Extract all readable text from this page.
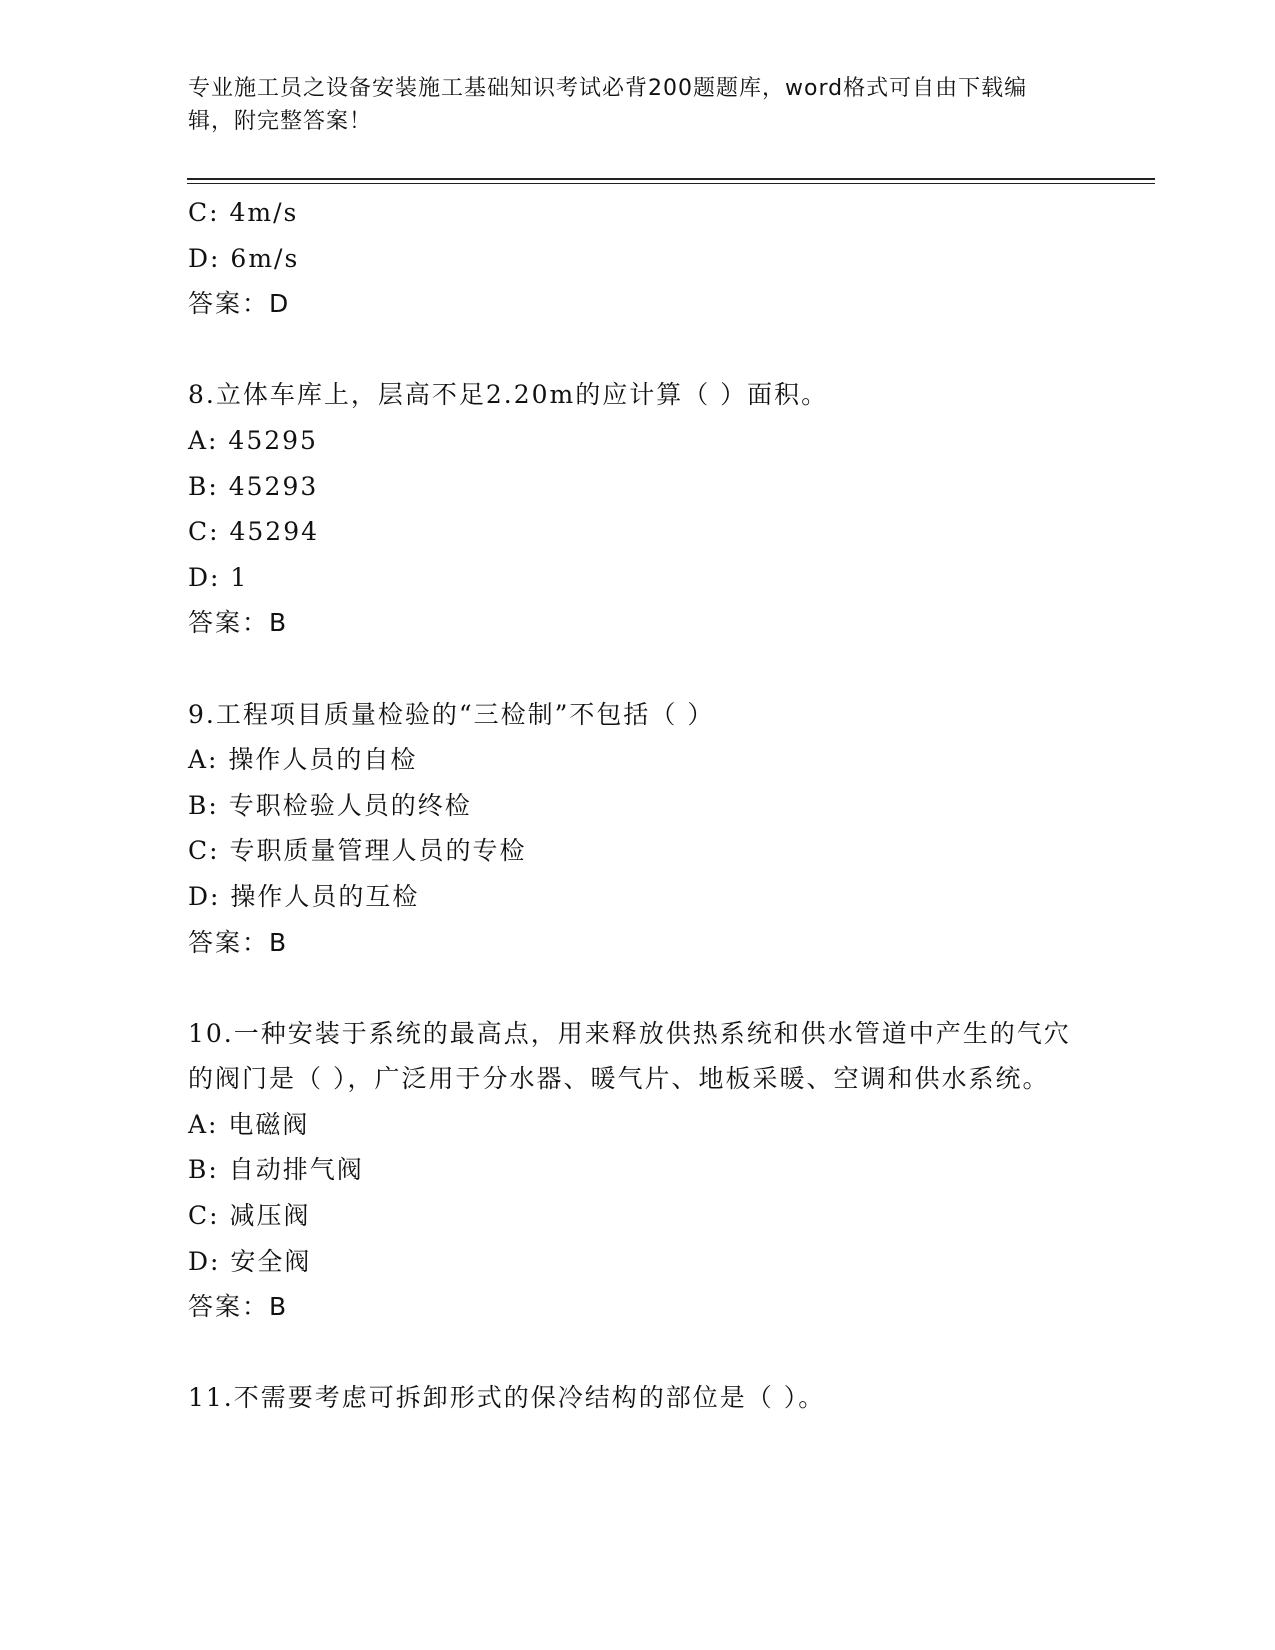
专业施工员之设备安装施工基础知识考试必背200题题库，word格式可自由下载编辑，附完整答案！
C: 4m/s
D: 6m/s
答案：D
8.立体车库上，层高不足2.20m的应计算（ ）面积。
A: 45295
B: 45293
C: 45294
D: 1
答案：B
9.工程项目质量检验的“三检制”不包括（ ）
A: 操作人员的自检
B: 专职检验人员的终检
C: 专职质量管理人员的专检
D: 操作人员的互检
答案：B
10.一种安装于系统的最高点，用来释放供热系统和供水管道中产生的气穴的阀门是（ ），广泛用于分水器、暖气片、地板采暖、空调和供水系统。
A: 电磁阀
B: 自动排气阀
C: 减压阀
D: 安全阀
答案：B
11.不需要考虑可拆卸形式的保冷结构的部位是（ ）。
